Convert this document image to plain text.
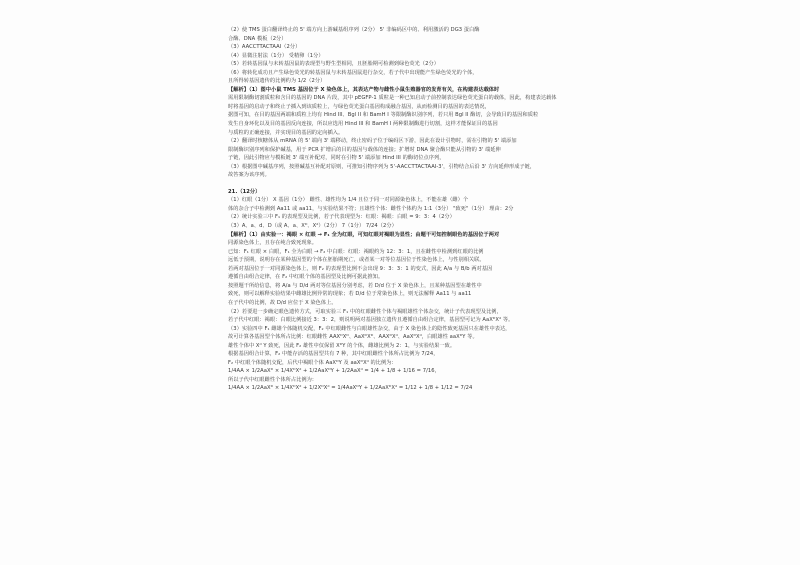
（2）使 TMS 蛋白翻译终止的 5' 端方向上游碱基组序列（2分） 5' 非编码区中的、利用激活的 DG3 蛋白酶
合酶、DNA 模板（2分）
（3）AACCTTACTAAI（2分）
（4）显微注射法（1分） 受精卵（1分）
（5）若转基因鼠与未转基因鼠的表现型与野生型相同，且胚胎期可检测到绿色荧光（2分）
（6）将转化成功且产生绿色荧光的转基因鼠与未转基因鼠进行杂交，若子代中出现能产生绿色荧光的个体，
且所得转基因遗传的比例约为 1/2（2分）
【解析】（1）图中小鼠 TMS 基因位于 X 染色体上，其表达产物与雌性小鼠生殖器官的发育有关，在构建表达载体时
需用限制酶切割质粒和含目的基因的 DNA 片段，其中 pEGFP-1 质粒是一种已知启动子前控制表达绿色荧光蛋白的载体，因此，构建表达载体
时将基因的启动子和终止子插入到该质粒上，与绿色荧光蛋白基因构成融合基因，从而检测目的基因的表达情况，
据图可知，在目的基因两端和质粒上均有 Hind III、Bgl II 和 BamH I 等限制酶识别序列，若只用 Bgl II 酶切，会导致目的基因和质粒
发生自身环化以及目的基因反向连接，所以应选用 Hind III 和 BamH I 两种限制酶进行切割，这样才能保证目的基因
与质粒的正确连接，并实现目的基因的定向插入。
（2）翻译时核糖体从 mRNA 的 5' 端向 3' 端移动，终止密码子位于编码区下游，因此在设计引物时，需在引物的 5' 端添加
限制酶识别序列和保护碱基，用于 PCR 扩增后的目的基因与载体的连接；扩增时 DNA 聚合酶只能从引物的 3' 端延伸
子链，因此引物应与模板链 3' 端互补配对，同时在引物 5' 端添加 Hind III 的酶切位点序列，
（3）根据图中碱基序列，按照碱基互补配对原则，可推知引物序列为 5'-AACCTTACTAAI-3'，引物结合后沿 3' 方向延伸形成子链，
故答案为该序列。
21.（12分）
（1）红眼（1分） X 基因（1分） 雌性、雄性均为 1/4 且位于同一对同源染色体上，不能在雄（雌）个
体的杂合子中检测到 Aa11 或 aa11，与实验结果不符；且雄性个体：雌性个体约为 1:1（3分） "致死"（1分） 理由：2分
（2）统计实验三中 F₁ 的表现型及比例，若子代表现型为：红眼：褐眼：白眼 = 9：3：4（2分）
（3）A、a、d、D（或 A、a、Xᴰ、Xᵈ）（2分） 7（1分） 7/24（2分）
【解析】（1）由实验一：褐眼 × 红眼 → F₁ 全为红眼，可知红眼对褐眼为显性；由题干可知控制眼色的基因位于两对
同源染色体上，且存在纯合致死现象。
已知：F₁ 红眼 × 白眼，F₁ 全为白眼 → F₂ 中白眼：红眼：褐眼约为 12：3：1，且在雌性中检测到红眼的比例
远低于预期，说明存在某种基因型的个体在胚胎期死亡，或者某一对等位基因位于性染色体上，与性别相关联。
若两对基因位于一对同源染色体上，则 F₂ 的表现型比例不会出现 9：3：3：1 的变式，因此 A/a 与 B/b 两对基因
遵循自由组合定律，在 F₂ 中红眼个体的基因型及比例可据此推知。
按照题干所给信息，将 A/a 与 D/d 两对等位基因分别考虑，若 D/d 位于 X 染色体上，且某种基因型在雄性中
致死，则可以解释实验结果中雌雄比例异常的现象；若 D/d 位于常染色体上，则无法解释 Aa11 与 aa11
在子代中的比例，故 D/d 应位于 X 染色体上。
（2）若要进一步确定眼色遗传方式，可取实验三 F₁ 中的红眼雌性个体与褐眼雄性个体杂交，统计子代表现型及比例，
若子代中红眼：褐眼：白眼比例接近 3：3：2，则说明两对基因独立遗传且遵循自由组合定律，基因型可记为 AaXᴰXᵈ 等。
（3）实验四中 F₁ 雌雄个体随机交配，F₂ 中红眼雌性与白眼雄性杂交，由于 X 染色体上的隐性致死基因只在雄性中表达，
故可计算各基因型个体所占比例：红眼雌性 AAXᴰXᴰ、AaXᴰXᴰ、AAXᴰXᵈ、AaXᴰXᵈ，白眼雄性 aaXᴰY 等。
雄性个体中 Xᵈ Y 致死，因此 F₂ 雄性中仅保留 XᴰY 的个体，雌雄比例为 2：1，与实验结果一致。
根据基因组合计算，F₂ 中能存活的基因型共有 7 种，其中红眼雌性个体所占比例为 7/24，
F₂ 中红眼个体随机交配，后代中褐眼个体 AaXᴰY 及 aaXᴰXᵈ 的比例为：
1/4AA × 1/2AaXᴰ × 1/4XᴰXᵈ + 1/2AaXᴰY + 1/2AaXᵈ = 1/4 + 1/8 + 1/16 = 7/16，
所以子代中红眼雌性个体所占比例为：
1/4AA × 1/2AaXᴰ × 1/4XᴰXᵈ + 1/2XᴰXᵈ = 1/4AaXᴰY + 1/2AaXᴰXᵈ = 1/12 + 1/8 + 1/12 = 7/24
